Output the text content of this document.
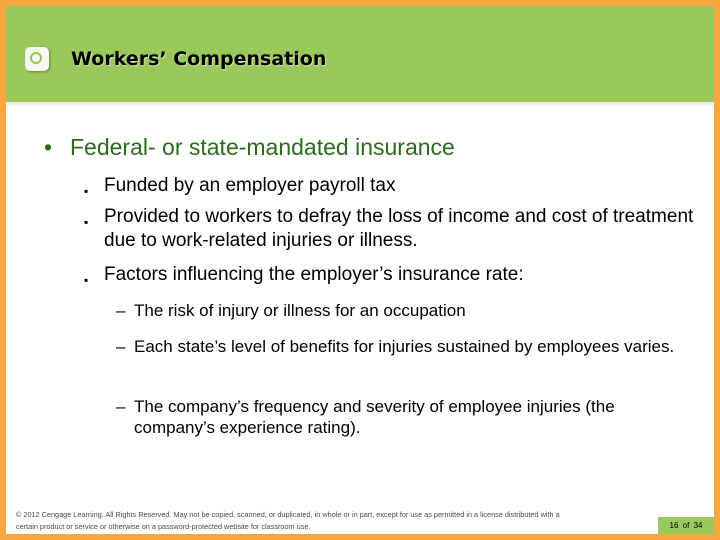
Workers’ Compensation
• Federal- or state-mandated insurance
▪ Funded by an employer payroll tax
▪ Provided to workers to defray the loss of income and cost of treatment due to work-related injuries or illness.
▪ Factors influencing the employer’s insurance rate:
– The risk of injury or illness for an occupation
– Each state’s level of benefits for injuries sustained by employees varies.
– The company’s frequency and severity of employee injuries (the company’s experience rating).
© 2012 Cengage Learning. All Rights Reserved. May not be copied, scanned, or duplicated, in whole or in part, except for use as permitted in a license distributed with a certain product or service or otherwise on a password-protected website for classroom use.	16 of 34
